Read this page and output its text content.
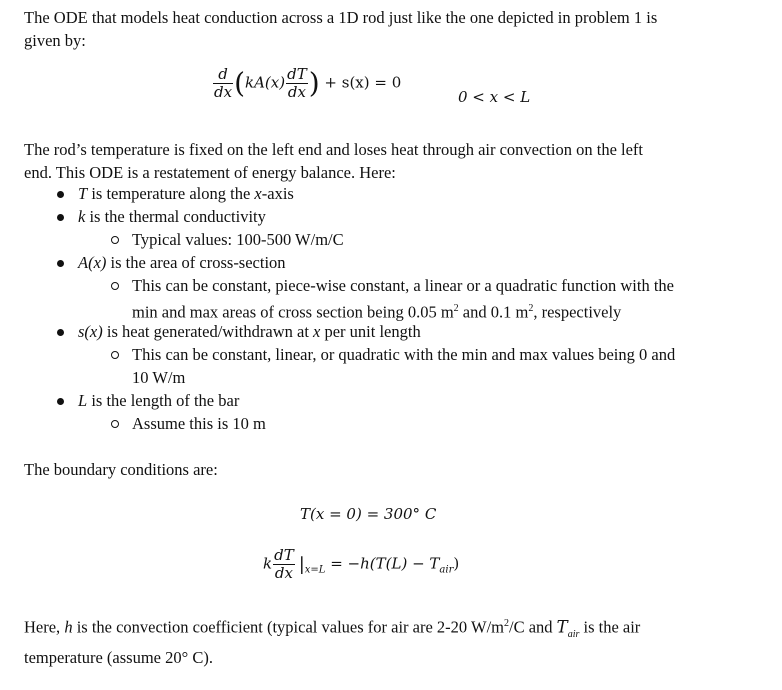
The ODE that models heat conduction across a 1D rod just like the one depicted in problem 1 is
given by:
$\frac{d}{dx} (kA(x) \frac{dT}{dx}$ ) + s(x) = 0
0 < x < L
The rod’s temperature is fixed on the left end and loses heat through air convection on the left
end. This ODE is a restatement of energy balance. Here:
T is temperature along the x-axis
k is the thermal conductivity
Typical values: 100-500 W/m/C
A(x) is the area of cross-section
This can be constant, piece-wise constant, a linear or a quadratic function with the
min and max areas of cross section being 0.05 $m^2$ and 0.1 $m^2$, respectively
s(x) is heat generated/withdrawn at x per unit length
This can be constant, linear, or quadratic with the min and max values being 0 and
10 W/m
L is the length of the bar
Assume this is 10 m
The boundary conditions are:
T(x = 0) = 300° C
k $\frac{dT}{dx} |_{x=L} = -h(T(L) - T_{air})$
Here, h is the convection coefficient (typical values for air are 2-20 $W/m^2/C$ and $T_{air}$ is the air
temperature (assume 20° C).
